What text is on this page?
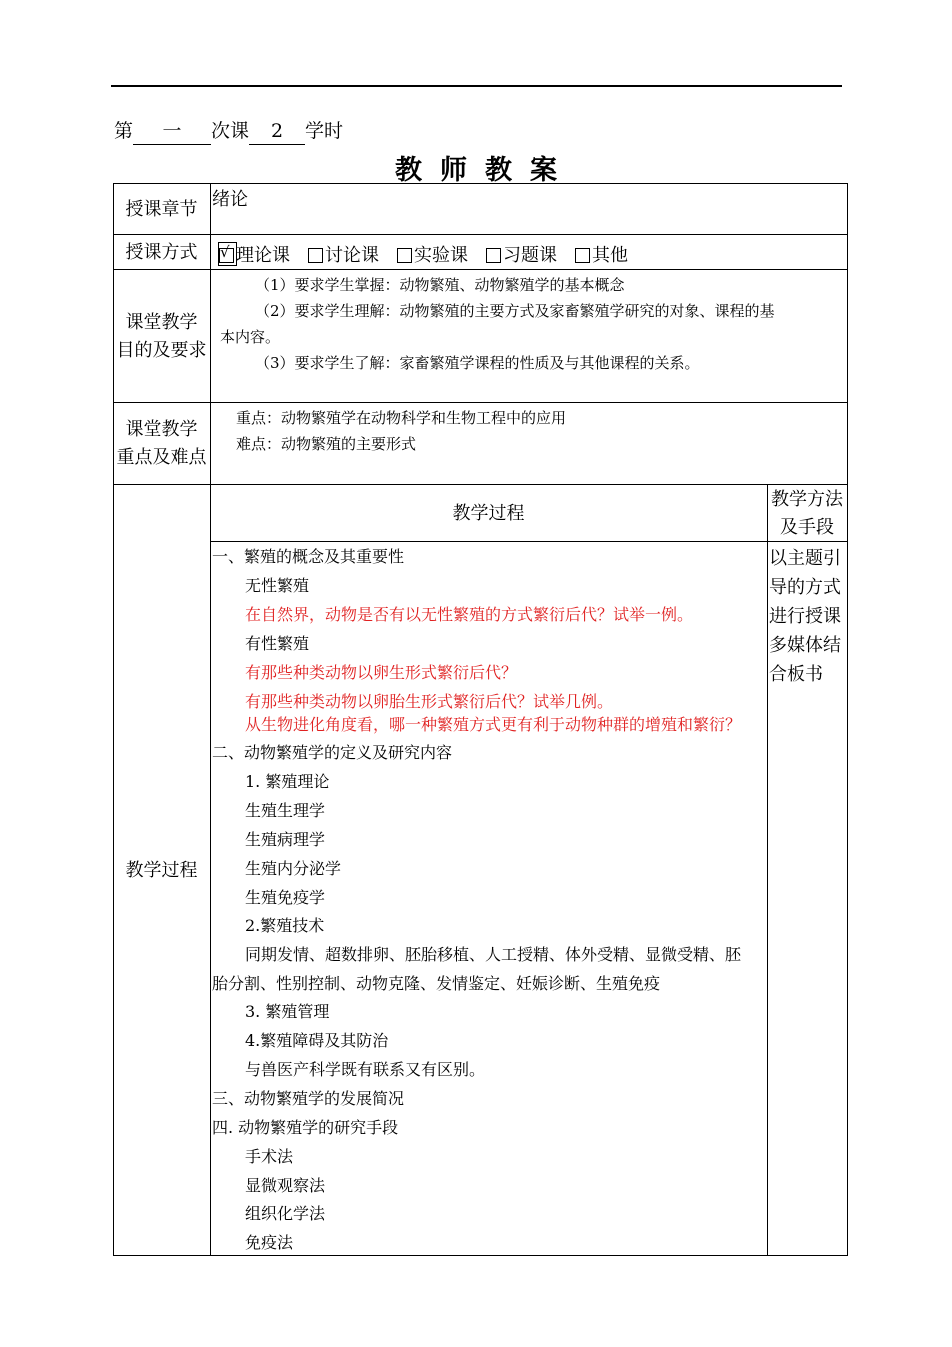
第 一 次课 2 学时
教师教案
授课章节 绪论
授课方式
√	理论课 讨论课 实验课 习题课 其他
课堂教学
目的及要求
（1）要求学生掌握：动物繁殖、动物繁殖学的基本概念
（2）要求学生理解：动物繁殖的主要方式及家畜繁殖学研究的对象、课程的基
本内容。
（3）要求学生了解：家畜繁殖学课程的性质及与其他课程的关系。
课堂教学
重点及难点
重点：动物繁殖学在动物科学和生物工程中的应用
难点：动物繁殖的主要形式
教学过程
教学过程
教学方法
及手段
一、繁殖的概念及其重要性
无性繁殖
在自然界，动物是否有以无性繁殖的方式繁衍后代？试举一例。
有性繁殖
有那些种类动物以卵生形式繁衍后代？
有那些种类动物以卵胎生形式繁衍后代？试举几例。
从生物进化角度看，哪一种繁殖方式更有利于动物种群的增殖和繁衍？
二、动物繁殖学的定义及研究内容
1. 繁殖理论
生殖生理学
生殖病理学
生殖内分泌学
生殖免疫学
2.繁殖技术
同期发情、超数排卵、胚胎移植、人工授精、体外受精、显微受精、胚
胎分割、性别控制、动物克隆、发情鉴定、妊娠诊断、生殖免疫
3. 繁殖管理
4.繁殖障碍及其防治
与兽医产科学既有联系又有区别。
三、动物繁殖学的发展简况
四. 动物繁殖学的研究手段
手术法
显微观察法
组织化学法
免疫法
以主题引导的方式进行授课多媒体结合板书
